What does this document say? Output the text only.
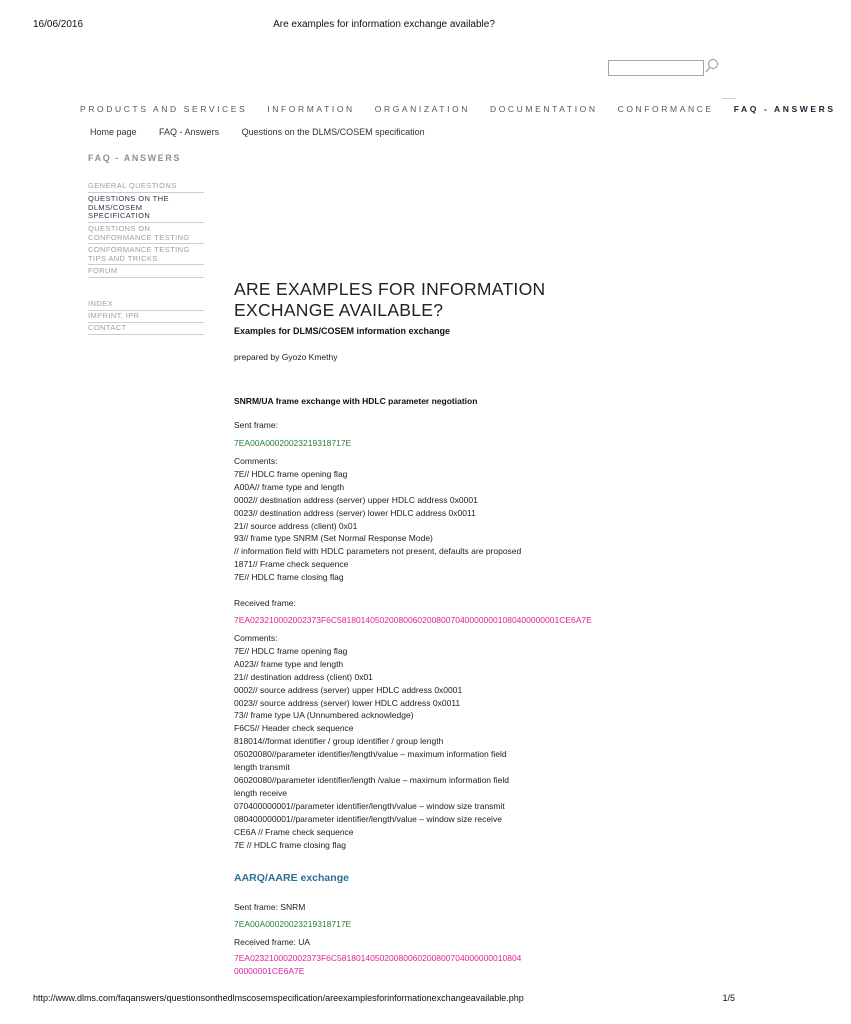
16/06/2016	Are examples for information exchange available?
PRODUCTS AND SERVICES INFORMATION ORGANIZATION DOCUMENTATION CONFORMANCE FAQ - ANSWERS
Home page	FAQ - Answers	Questions on the DLMS/COSEM specification
FAQ - ANSWERS
GENERAL QUESTIONS
QUESTIONS ON THE DLMS/COSEM SPECIFICATION
QUESTIONS ON CONFORMANCE TESTING
CONFORMANCE TESTING TIPS AND TRICKS
FORUM
INDEX
IMPRINT, IPR
CONTACT
ARE EXAMPLES FOR INFORMATION
EXCHANGE AVAILABLE?
Examples for DLMS/COSEM information exchange
prepared by Gyozo Kmethy
SNRM/UA frame exchange with HDLC parameter negotiation
Sent frame:
7EA00A00020023219318717E
Comments:
7E// HDLC frame opening flag
A00A// frame type and length
0002// destination address (server) upper HDLC address 0x0001
0023// destination address (server) lower HDLC address 0x0011
21// source address (client) 0x01
93// frame type SNRM (Set Normal Response Mode)
// information field with HDLC parameters not present, defaults are proposed
1871// Frame check sequence
7E// HDLC frame closing flag
Received frame:
7EA023210002002373F6C58180140502008006020080070400000001080400000001CE6A7E
Comments:
7E// HDLC frame opening flag
A023// frame type and length
21// destination address (client) 0x01
0002// source address (server) upper HDLC address 0x0001
0023// source address (server) lower HDLC address 0x0011
73// frame type UA (Unnumbered acknowledge)
F6C5// Header check sequence
818014//format identifier / group identifier / group length
05020080//parameter identifier/length/value – maximum information field
length transmit
06020080//parameter identifier/length /value – maximum information field
length receive
070400000001//parameter identifier/length/value – window size transmit
080400000001//parameter identifier/length/value – window size receive
CE6A // Frame check sequence
7E // HDLC frame closing flag
AARQ/AARE exchange
Sent frame: SNRM
7EA00A00020023219318717E
Received frame: UA
7EA023210002002373F6C58180140502008006020080070400000001080​4
00000001CE6A7E
http://www.dlms.com/faqanswers/questionsonthedlmscosemspecification/areexamplesforinformationexchangeavailable.php	1/5
